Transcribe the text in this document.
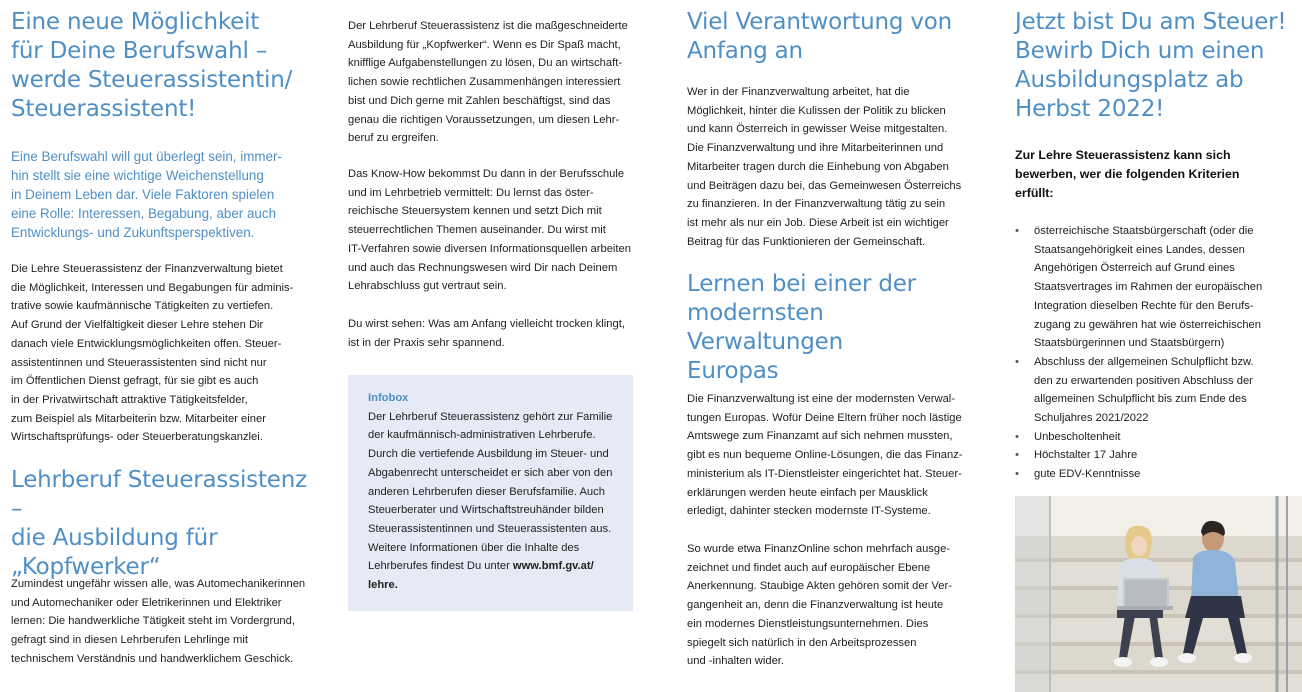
Eine neue Möglichkeit
für Deine Berufswahl –
werde Steuerassistentin/
Steuerassistent!

Eine Berufswahl will gut überlegt sein, immer-
hin stellt sie eine wichtige Weichenstellung
in Deinem Leben dar. Viele Faktoren spielen
eine Rolle: Interessen, Begabung, aber auch
Entwicklungs- und Zukunftsperspektiven.

Die Lehre Steuerassistenz der Finanzverwaltung bietet
die Möglichkeit, Interessen und Begabungen für adminis-
trative sowie kaufmännische Tätigkeiten zu vertiefen.
Auf Grund der Vielfältigkeit dieser Lehre stehen Dir
danach viele Entwicklungsmöglichkeiten offen. Steuer-
assistentinnen und Steuerassistenten sind nicht nur
im Öffentlichen Dienst gefragt, für sie gibt es auch
in der Privatwirtschaft attraktive Tätigkeitsfelder,
zum Beispiel als Mitarbeiterin bzw. Mitarbeiter einer
Wirtschaftsprüfungs- oder Steuerberatungskanzlei.

Lehrberuf Steuerassistenz –
die Ausbildung für
„Kopfwerker“

Zumindest ungefähr wissen alle, was Automechanikerinnen
und Automechaniker oder Eletrikerinnen und Elektriker
lernen: Die handwerkliche Tätigkeit steht im Vordergrund,
gefragt sind in diesen Lehrberufen Lehrlinge mit
technischem Verständnis und handwerklichem Geschick.

Der Lehrberuf Steuerassistenz ist die maßgeschneiderte
Ausbildung für „Kopfwerker“. Wenn es Dir Spaß macht,
knifflige Aufgabenstellungen zu lösen, Du an wirtschaft-
lichen sowie rechtlichen Zusammenhängen interessiert
bist und Dich gerne mit Zahlen beschäftigst, sind das
genau die richtigen Voraussetzungen, um diesen Lehr-
beruf zu ergreifen.

Das Know-How bekommst Du dann in der Berufsschule
und im Lehrbetrieb vermittelt: Du lernst das öster-
reichische Steuersystem kennen und setzt Dich mit
steuerrechtlichen Themen auseinander. Du wirst mit
IT-Verfahren sowie diversen Informationsquellen arbeiten
und auch das Rechnungswesen wird Dir nach Deinem
Lehrabschluss gut vertraut sein.

Du wirst sehen: Was am Anfang vielleicht trocken klingt,
ist in der Praxis sehr spannend.

Infobox

Der Lehrberuf Steuerassistenz gehört zur Familie
der kaufmännisch-administrativen Lehrberufe.
Durch die vertiefende Ausbildung im Steuer- und
Abgabenrecht unterscheidet er sich aber von den
anderen Lehrberufen dieser Berufsfamilie. Auch
Steuerberater und Wirtschaftstreuhänder bilden
Steuerassistentinnen und Steuerassistenten aus.
Weitere Informationen über die Inhalte des
Lehrberufes findest Du unter www.bmf.gv.at/
lehre.

Viel Verantwortung von
Anfang an

Wer in der Finanzverwaltung arbeitet, hat die
Möglichkeit, hinter die Kulissen der Politik zu blicken
und kann Österreich in gewisser Weise mitgestalten.
Die Finanzverwaltung und ihre Mitarbeiterinnen und
Mitarbeiter tragen durch die Einhebung von Abgaben
und Beiträgen dazu bei, das Gemeinwesen Österreichs
zu finanzieren. In der Finanzverwaltung tätig zu sein
ist mehr als nur ein Job. Diese Arbeit ist ein wichtiger
Beitrag für das Funktionieren der Gemeinschaft.

Lernen bei einer der
modernsten Verwaltungen
Europas

Die Finanzverwaltung ist eine der modernsten Verwal-
tungen Europas. Wofür Deine Eltern früher noch lästige
Amtswege zum Finanzamt auf sich nehmen mussten,
gibt es nun bequeme Online-Lösungen, die das Finanz-
ministerium als IT-Dienstleister eingerichtet hat. Steuer-
erklärungen werden heute einfach per Mausklick
erledigt, dahinter stecken modernste IT-Systeme.

So wurde etwa FinanzOnline schon mehrfach ausge-
zeichnet und findet auch auf europäischer Ebene
Anerkennung. Staubige Akten gehören somit der Ver-
gangenheit an, denn die Finanzverwaltung ist heute
ein modernes Dienstleistungsunternehmen. Dies
spiegelt sich natürlich in den Arbeitsprozessen
und -inhalten wider.

Jetzt bist Du am Steuer!
Bewirb Dich um einen
Ausbildungsplatz ab
Herbst 2022!
Zur Lehre Steuerassistenz kann sich
bewerben, wer die folgenden Kriterien
erfüllt:
• österreichische Staatsbürgerschaft (oder die
Staatsangehörigkeit eines Landes, dessen
Angehörigen Österreich auf Grund eines
Staatsvertrages im Rahmen der europäischen
Integration dieselben Rechte für den Berufs-
zugang zu gewähren hat wie österreichischen
Staatsbürgerinnen und Staatsbürgern)
• Abschluss der allgemeinen Schulpflicht bzw.
den zu erwartenden positiven Abschluss der
allgemeinen Schulpflicht bis zum Ende des
Schuljahres 2021/2022
• Unbescholtenheit
• Höchstalter 17 Jahre
• gute EDV-Kenntnisse
